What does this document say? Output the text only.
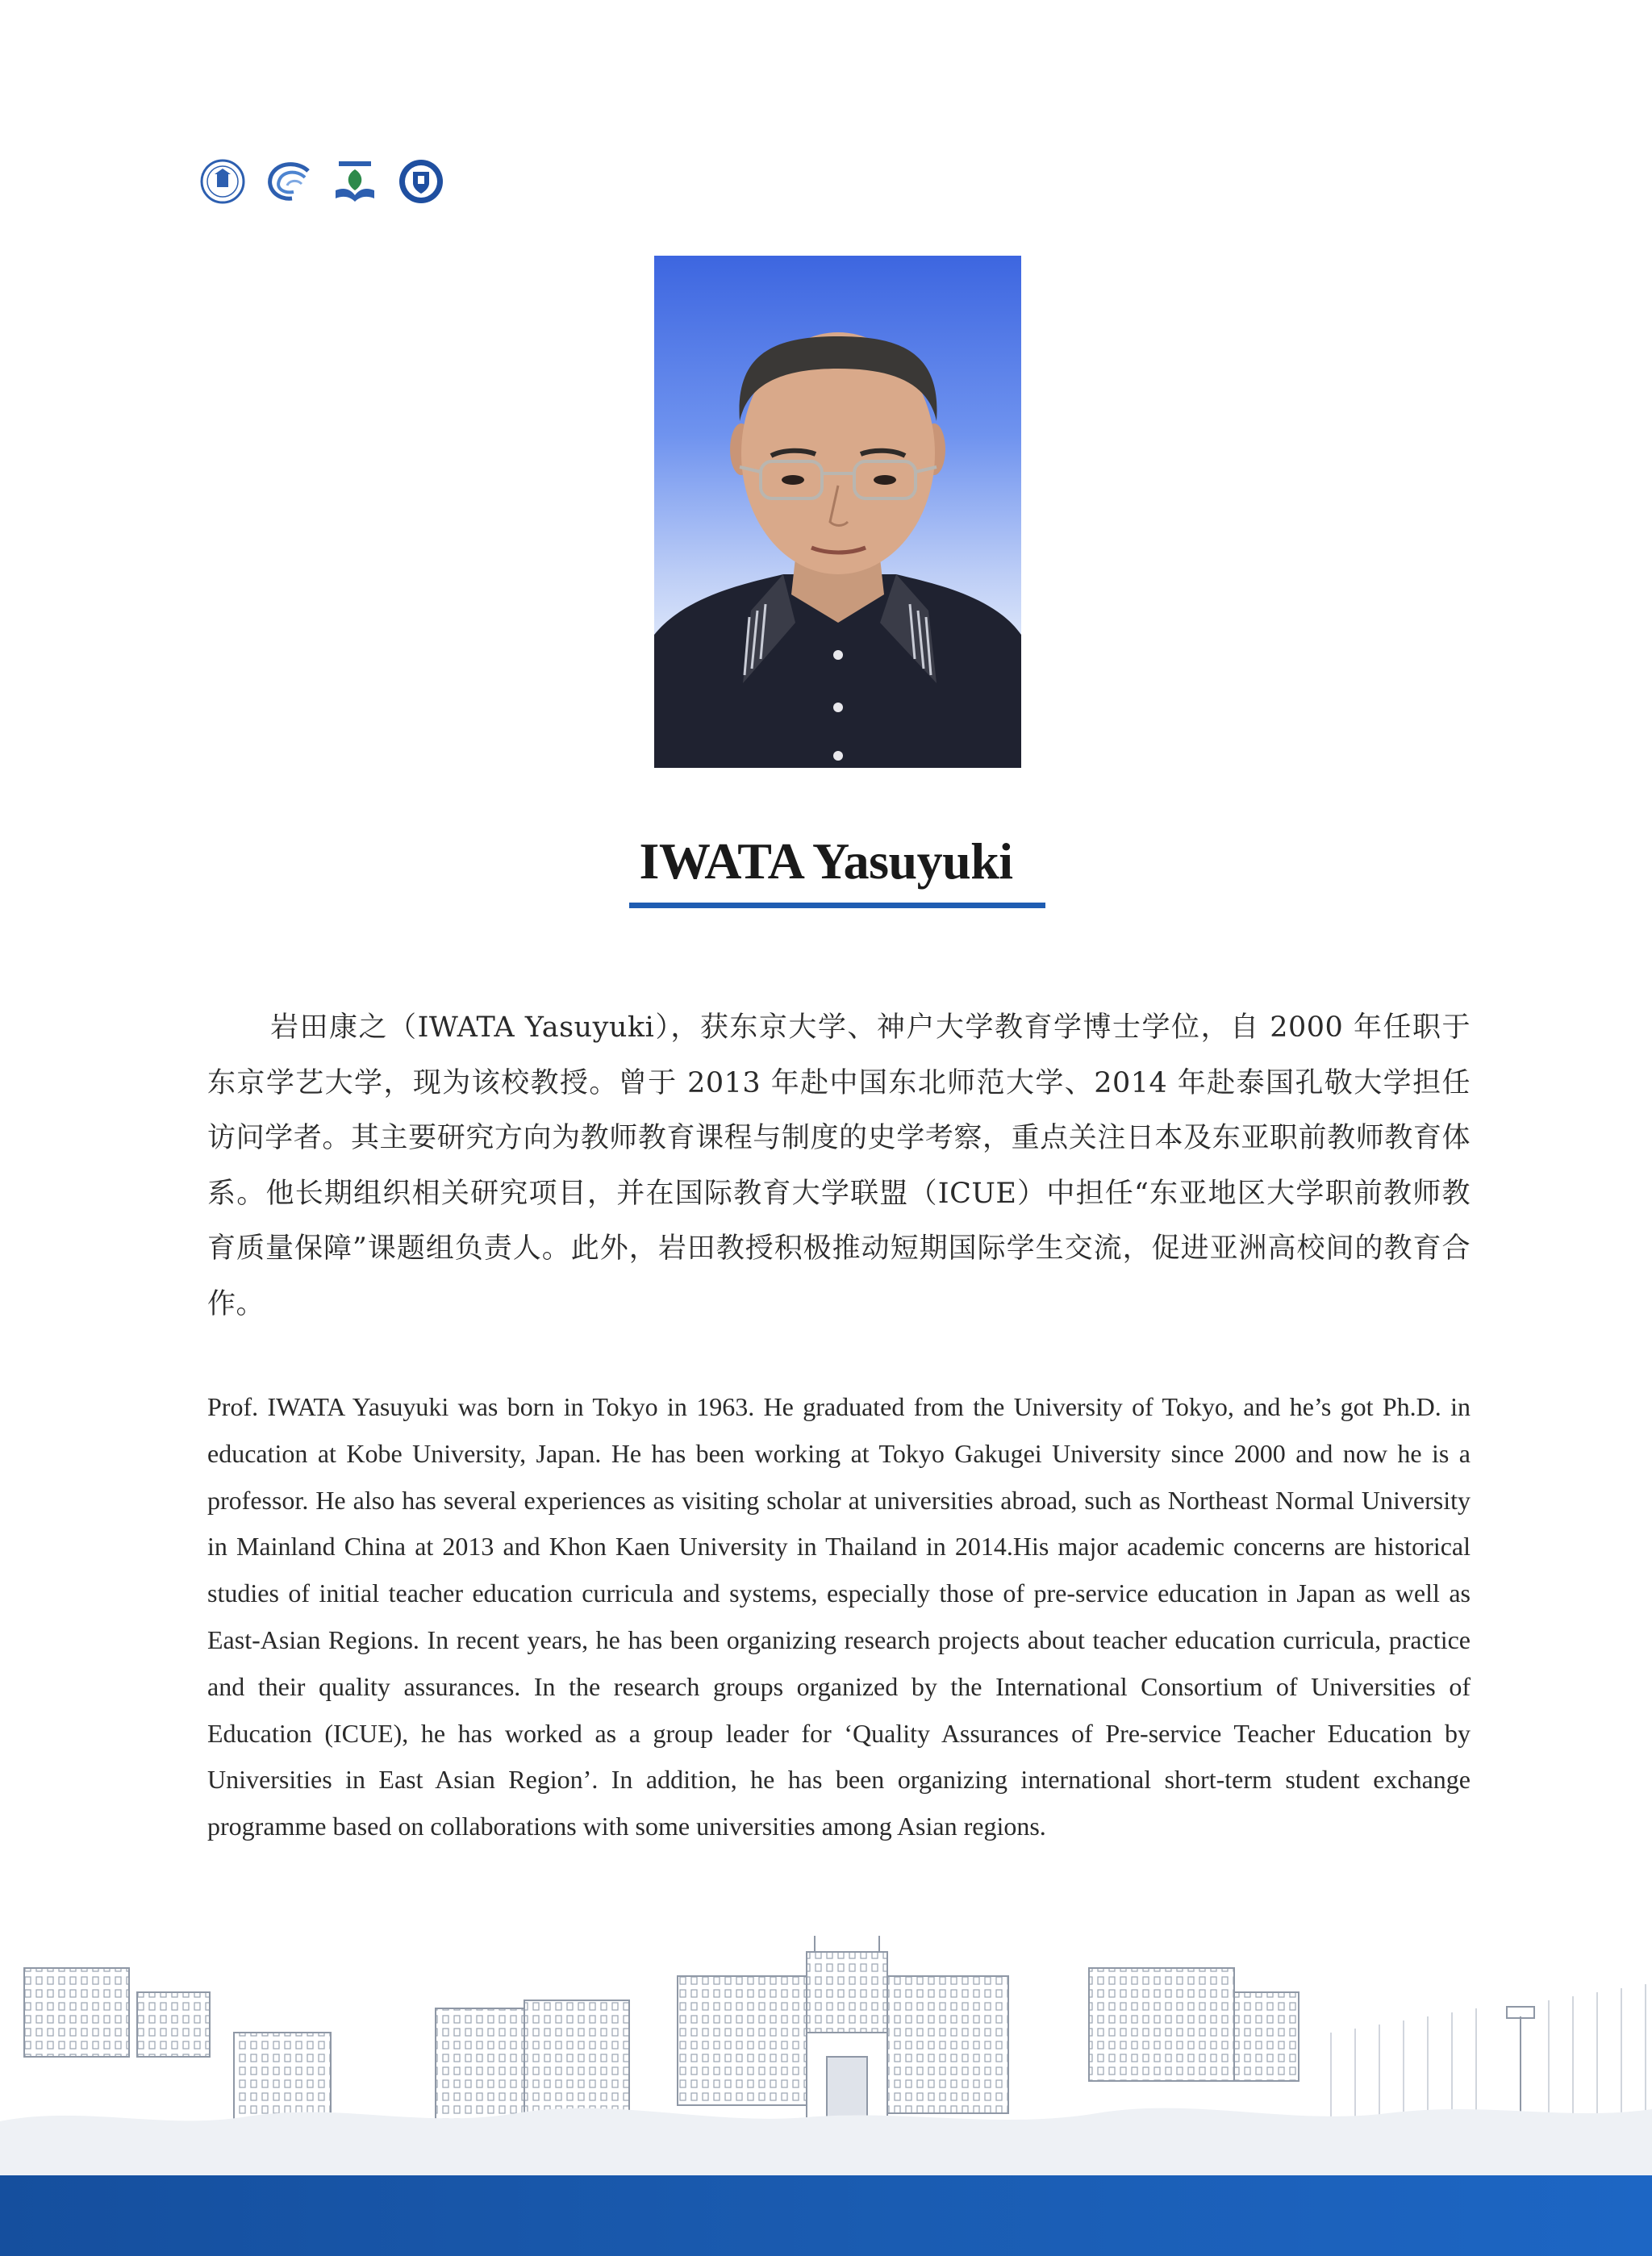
IWATA Yasuyuki

岩田康之（IWATA Yasuyuki），获东京大学、神户大学教育学博士学位，自 2000 年任职于东京学艺大学，现为该校教授。曾于 2013 年赴中国东北师范大学、2014 年赴泰国孔敬大学担任访问学者。其主要研究方向为教师教育课程与制度的史学考察，重点关注日本及东亚职前教师教育体系。他长期组织相关研究项目，并在国际教育大学联盟（ICUE）中担任“东亚地区大学职前教师教育质量保障”课题组负责人。此外，岩田教授积极推动短期国际学生交流，促进亚洲高校间的教育合作。

Prof. IWATA Yasuyuki was born in Tokyo in 1963. He graduated from the University of Tokyo, and he’s got Ph.D. in education at Kobe University, Japan. He has been working at Tokyo Gakugei University since 2000 and now he is a professor. He also has several experiences as visiting scholar at universities abroad, such as Northeast Normal University in Mainland China at 2013 and Khon Kaen University in Thailand in 2014.His major academic concerns are historical studies of initial teacher education curricula and systems, especially those of pre-service education in Japan as well as East-Asian Regions. In recent years, he has been organizing research projects about teacher education curricula, practice and their quality assurances. In the research groups organized by the International Consortium of Universities of Education (ICUE), he has worked as a group leader for ‘Quality Assurances of Pre-service Teacher Education by Universities in East Asian Region’. In addition, he has been organizing international short-term student exchange programme based on collaborations with some universities among Asian regions.
